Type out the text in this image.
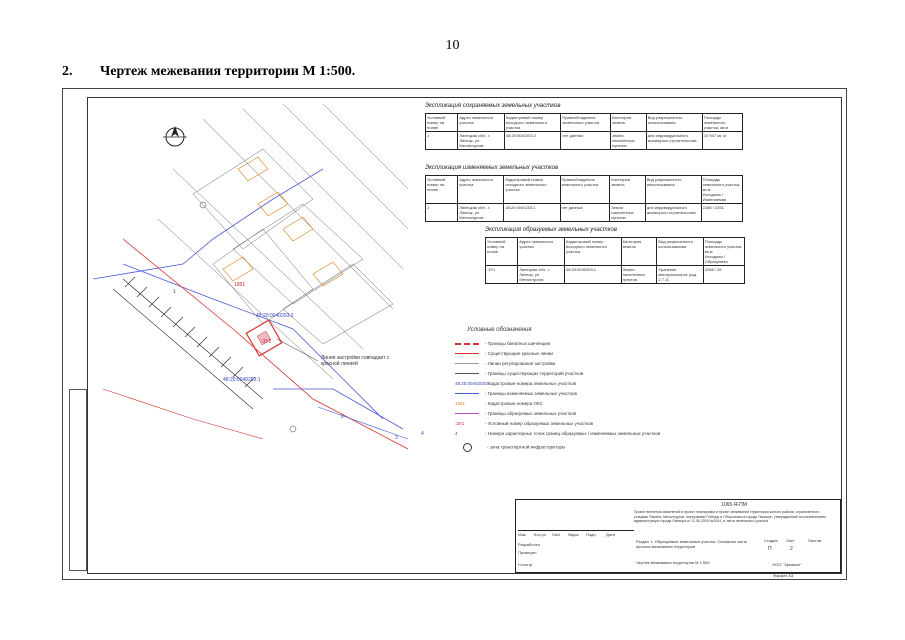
10
2. Чертеж межевания территории М 1:500.
48:20:0040203:2
48:20:0040203:1
:ЗУ1
Линия застройки совпадает с красной линией
1951
2
3
4
1
Экспликация сохраняемых земельных участков
Условный номер на плане	Адрес земельного участка	Кадастровый номер исходного земельного участка	Правообладатель земельного участка	Категория земель	Вид разрешенного использования	Площадь земельного участка, кв.м
1	Липецкая обл., г. Липецк, ул. Металлургов	48:20:0040203:2	нет данных	земли населенных пунктов	для индивидуального жилищного строительства	10 947 кв. м
Экспликация изменяемых земельных участков
Условный номер на плане	Адрес земельного участка	Кадастровый номер исходного земельного участка	Правообладатель земельного участка	Категория земель	Вид разрешенного использования	Площадь земельного участка, кв.м
Исходная / Изменяемая
1	Липецкая обл., г. Липецк, ул. Металлургов	48:20:0040203:1	нет данных	Земли населенных пунктов	для индивидуального жилищного строительства	2288 / 2251
Экспликация образуемых земельных участков
Условный номер на плане	Адрес земельного участка	Кадастровый номер исходного земельного участка	Категория земель	Вид разрешенного использования	Площадь земельного участка, кв.м
Исходная / Образуемая
:ЗУ1	Липецкая обл., г. Липецк, ул. Металлургов	48:20:0040203:1	Земли населенных пунктов	Хранение автотранспорта (код 2.7.1)	2288 / 35
Условные обозначения
- Границы банатных шиченцинг
- Существующие красные линии
- Линии регулирования застройки
- Границы существующих территорий участков
48:20:0040203:2- Кадастровые номера земельных участков
- Границы изменяемых земельных участков
1951	- Кадастровые номера ОКС
- Границы образуемых земельных участков
:ЗУ1	- Условный номер образуемых земельных участков
4	- Номера характерных точек границ образуемых / изменяемых земельных участков
- зона транспортной инфраструктуры
1065-Я-ПМ
Проект внесения изменений в проект планировки и проект межевания территории жилого района, ограниченного улицами Папина, Металлургов, переулками Победы и Оборонным в городе Липецке, утвержденный постановлением администрации города Липецка от 11.06.2018 №1004, в части земельного участка
Изм. Кол.уч Лист №док Подп. Дата
Разработал
Проверил
Н.контр.
Раздел 1. Образуемые земельные участки. Основная часть проекта межевания территории
Стадия Лист	Листов
П	2
Чертеж межевания территории М 1:500	ООО "Эрмикон"
Формат A3
